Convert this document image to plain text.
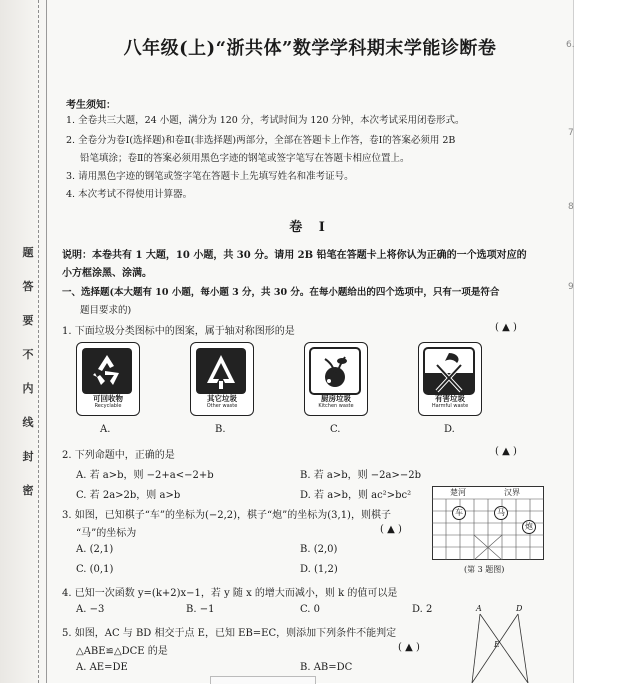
题
答
要
不
内
线
封
密
八年级(上)“浙共体”数学学科期末学能诊断卷
考生须知：
1. 全卷共三大题，24 小题，满分为 120 分，考试时间为 120 分钟，本次考试采用闭卷形式。
2. 全卷分为卷Ⅰ(选择题)和卷Ⅱ(非选择题)两部分，全部在答题卡上作答，卷Ⅰ的答案必须用 2B
铅笔填涂；卷Ⅱ的答案必须用黑色字迹的钢笔或签字笔写在答题卡相应位置上。
3. 请用黑色字迹的钢笔或签字笔在答题卡上先填写姓名和准考证号。
4. 本次考试不得使用计算器。
卷 Ⅰ
说明：本卷共有 1 大题，10 小题，共 30 分。请用 2B 铅笔在答题卡上将你认为正确的一个选项对应的
小方框涂黑、涂满。
一、选择题(本大题有 10 小题，每小题 3 分，共 30 分。在每小题给出的四个选项中，只有一项是符合
题目要求的)
1. 下面垃圾分类图标中的图案，属于轴对称图形的是	( ▲ )
可回收物
Recyclable
A.
其它垃圾
Other waste
B.
厨房垃圾
Kitchen waste
C.
有害垃圾
Harmful waste
D.
2. 下列命题中，正确的是	( ▲ )
A. 若 a>b，则 −2+a<−2+b	B. 若 a>b，则 −2a>−2b
C. 若 2a>2b，则 a>b	D. 若 a>b，则 ac²>bc²
3. 如图，已知棋子“车”的坐标为(−2,2)，棋子“炮”的坐标为(3,1)，则棋子
“马”的坐标为	( ▲ )
A. (2,1)	B. (2,0)
C. (0,1)	D. (1,2)
楚河	汉界
车	马
炮
(第 3 题图)
4. 已知一次函数 y=(k+2)x−1，若 y 随 x 的增大而减小，则 k 的值可以是
A. −3	B. −1	C. 0	D. 2
5. 如图，AC 与 BD 相交于点 E，已知 EB=EC，则添加下列条件不能判定
△ABE≌△DCE 的是	( ▲ )
A. AE=DE	B. AB=DC
A	D
E
6.
7
8
9
